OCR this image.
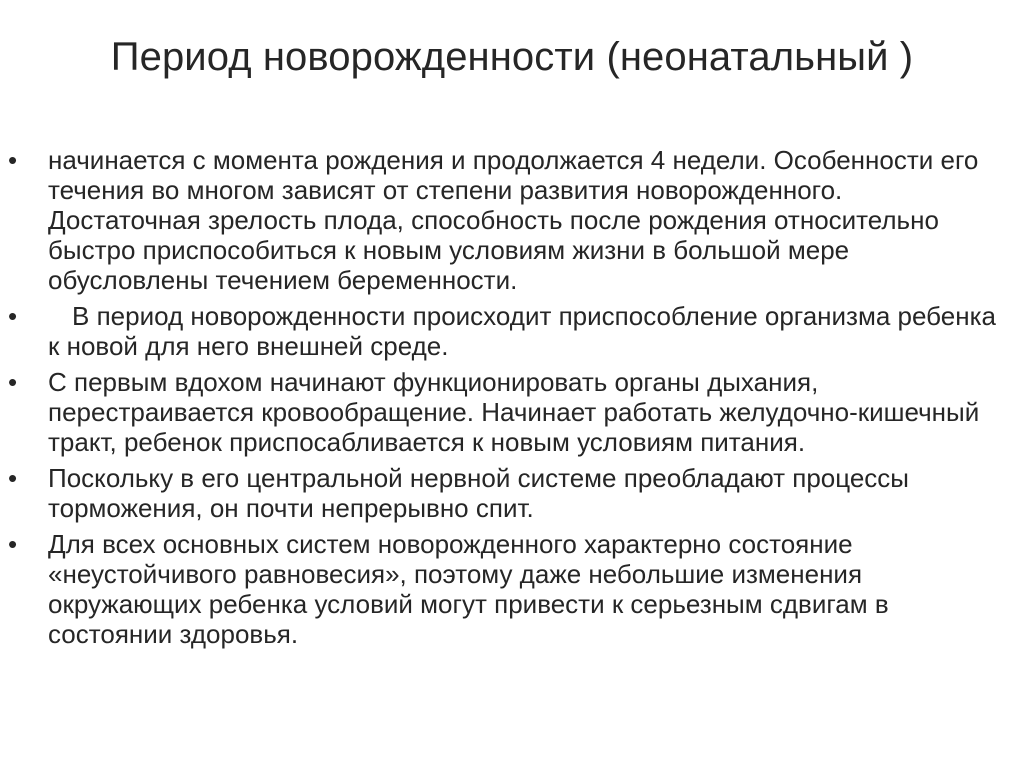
Период новорожденности (неонатальный )
• начинается с момента рождения и продолжается 4 недели. Особенности его течения во многом зависят от степени развития новорожденного. Достаточная зрелость плода, способность после рождения относительно быстро приспособиться к новым условиям жизни в большой мере обусловлены течением беременности.
•	В период новорожденности происходит приспособление организма ребенка к новой для него внешней среде.
• С первым вдохом начинают функционировать органы дыхания, перестраивается кровообращение. Начинает работать желудочно-кишечный тракт, ребенок приспосабливается к новым условиям питания.
• Поскольку в его центральной нервной системе преобладают процессы торможения, он почти непрерывно спит.
• Для всех основных систем новорожденного характерно состояние «неустойчивого равновесия», поэтому даже небольшие изменения окружающих ребенка условий могут привести к серьезным сдвигам в состоянии здоровья.
